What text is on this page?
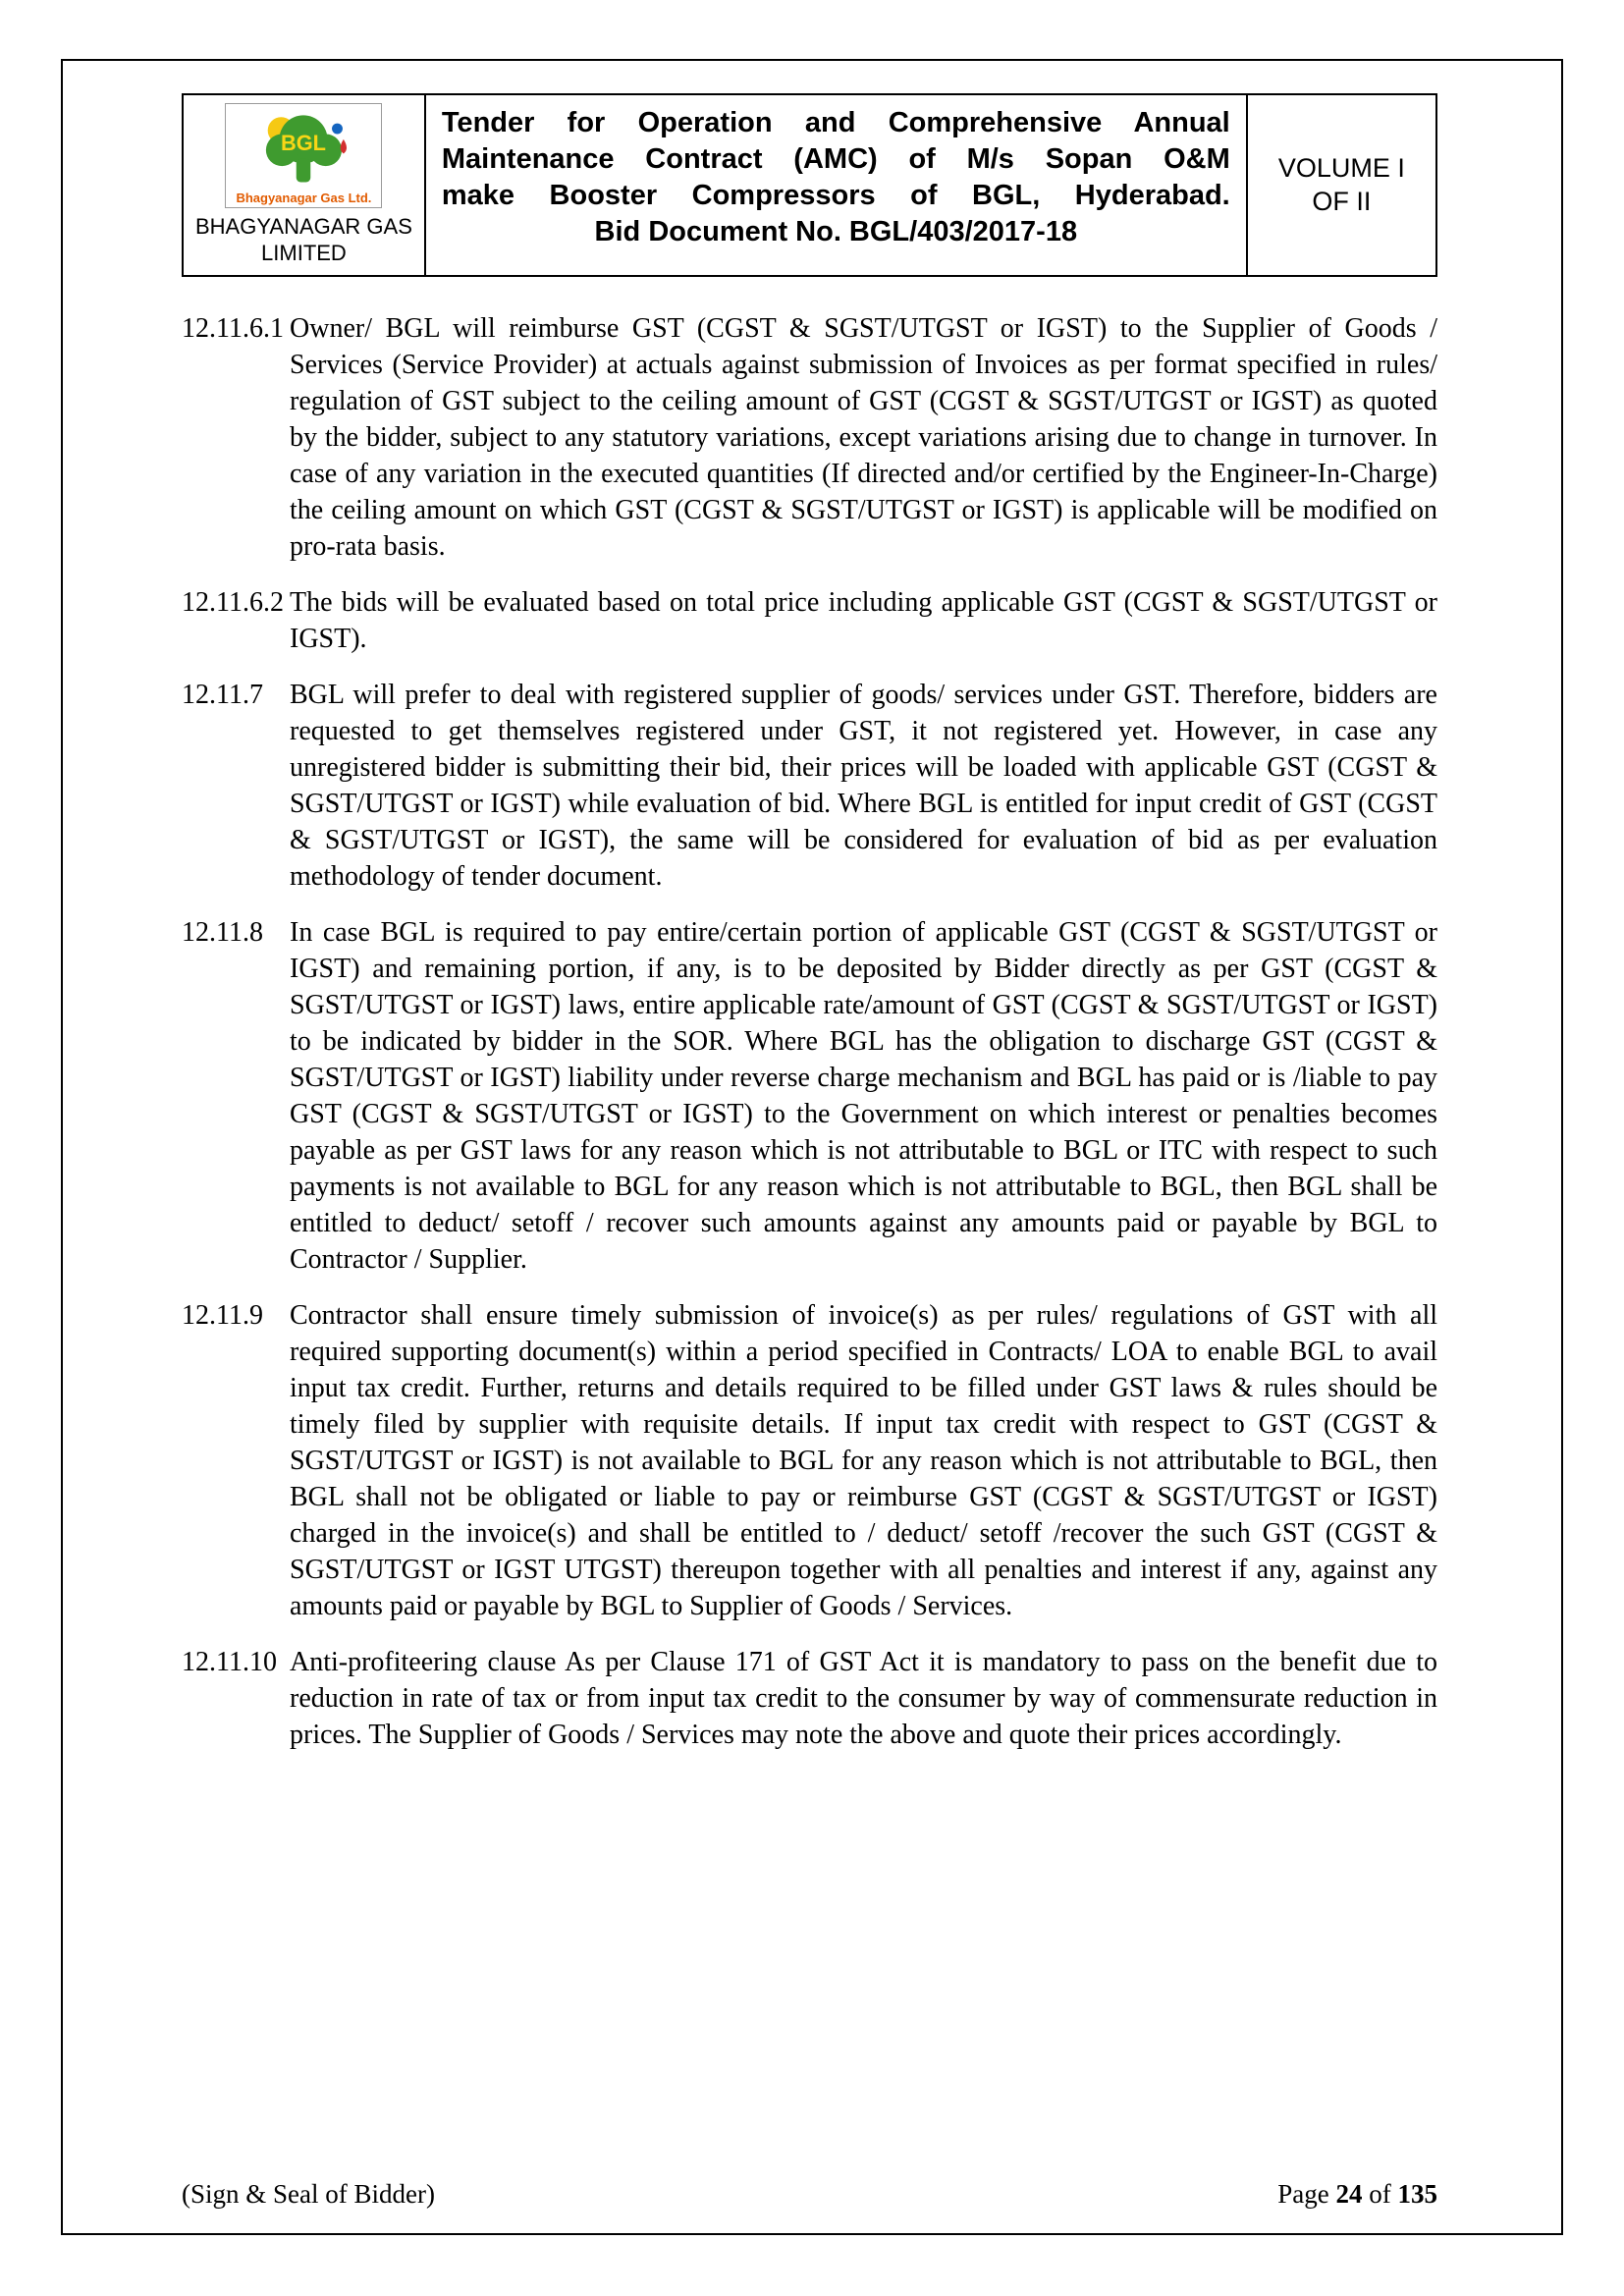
BGL
Bhagyanagar Gas Ltd.
BHAGYANAGAR GAS
LIMITED
Tender for Operation and Comprehensive Annual
Maintenance Contract (AMC) of M/s Sopan O&M
make Booster Compressors of BGL, Hyderabad.
Bid Document No. BGL/403/2017-18
VOLUME I
OF II
12.11.6.1 Owner/ BGL will reimburse GST (CGST & SGST/UTGST or IGST) to the Supplier of Goods / Services (Service Provider) at actuals against submission of Invoices as per format specified in rules/ regulation of GST subject to the ceiling amount of GST (CGST & SGST/UTGST or IGST) as quoted by the bidder, subject to any statutory variations, except variations arising due to change in turnover. In case of any variation in the executed quantities (If directed and/or certified by the Engineer-In-Charge) the ceiling amount on which GST (CGST & SGST/UTGST or IGST) is applicable will be modified on pro-rata basis.
12.11.6.2 The bids will be evaluated based on total price including applicable GST (CGST & SGST/UTGST or IGST).
12.11.7 BGL will prefer to deal with registered supplier of goods/ services under GST. Therefore, bidders are requested to get themselves registered under GST, it not registered yet. However, in case any unregistered bidder is submitting their bid, their prices will be loaded with applicable GST (CGST & SGST/UTGST or IGST) while evaluation of bid. Where BGL is entitled for input credit of GST (CGST & SGST/UTGST or IGST), the same will be considered for evaluation of bid as per evaluation methodology of tender document.
12.11.8 In case BGL is required to pay entire/certain portion of applicable GST (CGST & SGST/UTGST or IGST) and remaining portion, if any, is to be deposited by Bidder directly as per GST (CGST & SGST/UTGST or IGST) laws, entire applicable rate/amount of GST (CGST & SGST/UTGST or IGST) to be indicated by bidder in the SOR. Where BGL has the obligation to discharge GST (CGST & SGST/UTGST or IGST) liability under reverse charge mechanism and BGL has paid or is /liable to pay GST (CGST & SGST/UTGST or IGST) to the Government on which interest or penalties becomes payable as per GST laws for any reason which is not attributable to BGL or ITC with respect to such payments is not available to BGL for any reason which is not attributable to BGL, then BGL shall be entitled to deduct/ setoff / recover such amounts against any amounts paid or payable by BGL to Contractor / Supplier.
12.11.9 Contractor shall ensure timely submission of invoice(s) as per rules/ regulations of GST with all required supporting document(s) within a period specified in Contracts/ LOA to enable BGL to avail input tax credit. Further, returns and details required to be filled under GST laws & rules should be timely filed by supplier with requisite details. If input tax credit with respect to GST (CGST & SGST/UTGST or IGST) is not available to BGL for any reason which is not attributable to BGL, then BGL shall not be obligated or liable to pay or reimburse GST (CGST & SGST/UTGST or IGST) charged in the invoice(s) and shall be entitled to / deduct/ setoff /recover the such GST (CGST & SGST/UTGST or IGST UTGST) thereupon together with all penalties and interest if any, against any amounts paid or payable by BGL to Supplier of Goods / Services.
12.11.10 Anti-profiteering clause As per Clause 171 of GST Act it is mandatory to pass on the benefit due to reduction in rate of tax or from input tax credit to the consumer by way of commensurate reduction in prices. The Supplier of Goods / Services may note the above and quote their prices accordingly.
(Sign & Seal of Bidder)	Page 24 of 135
